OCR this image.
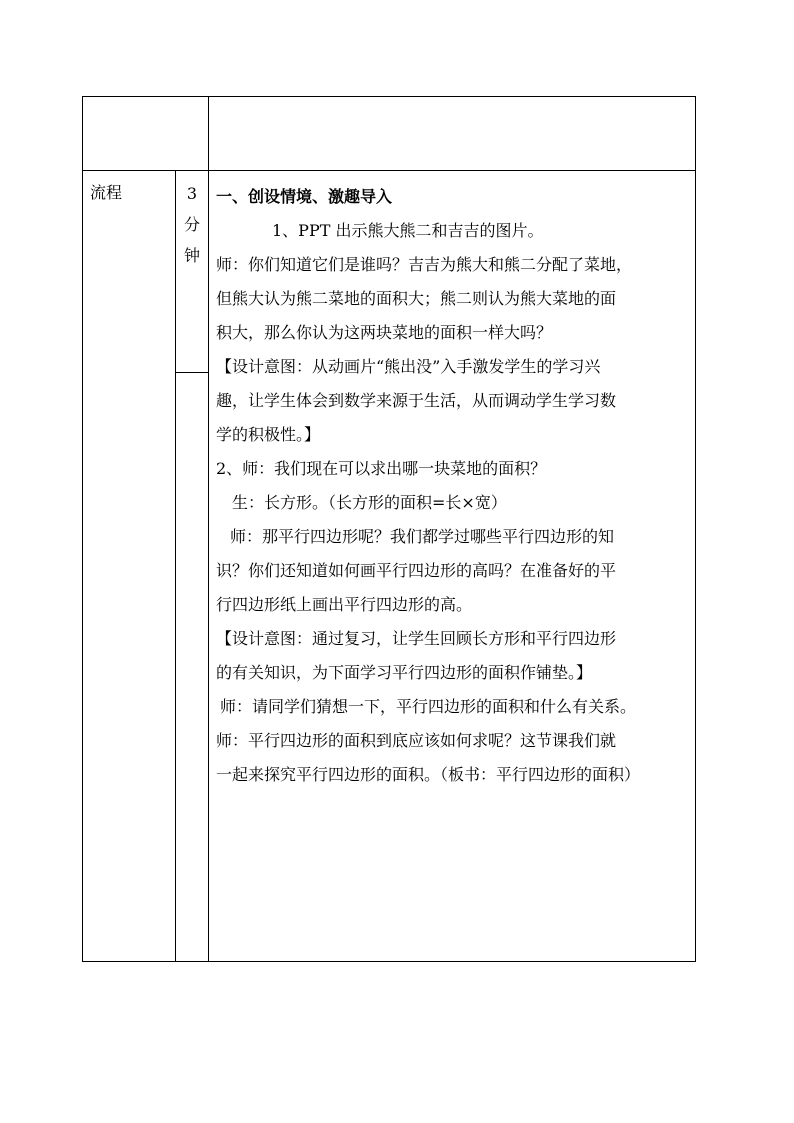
流程	3
分
钟
一、创设情境、激趣导入
1、PPT 出示熊大熊二和吉吉的图片。
师：你们知道它们是谁吗？吉吉为熊大和熊二分配了菜地，
但熊大认为熊二菜地的面积大；熊二则认为熊大菜地的面
积大，那么你认为这两块菜地的面积一样大吗？
【设计意图：从动画片“熊出没”入手激发学生的学习兴
趣，让学生体会到数学来源于生活，从而调动学生学习数
学的积极性。】
2、师：我们现在可以求出哪一块菜地的面积？
生：长方形。（长方形的面积=长×宽）
师：那平行四边形呢？我们都学过哪些平行四边形的知
识？你们还知道如何画平行四边形的高吗？在准备好的平
行四边形纸上画出平行四边形的高。
【设计意图：通过复习，让学生回顾长方形和平行四边形
的有关知识，为下面学习平行四边形的面积作铺垫。】
师：请同学们猜想一下，平行四边形的面积和什么有关系。
师：平行四边形的面积到底应该如何求呢？这节课我们就
一起来探究平行四边形的面积。（板书：平行四边形的面积）
